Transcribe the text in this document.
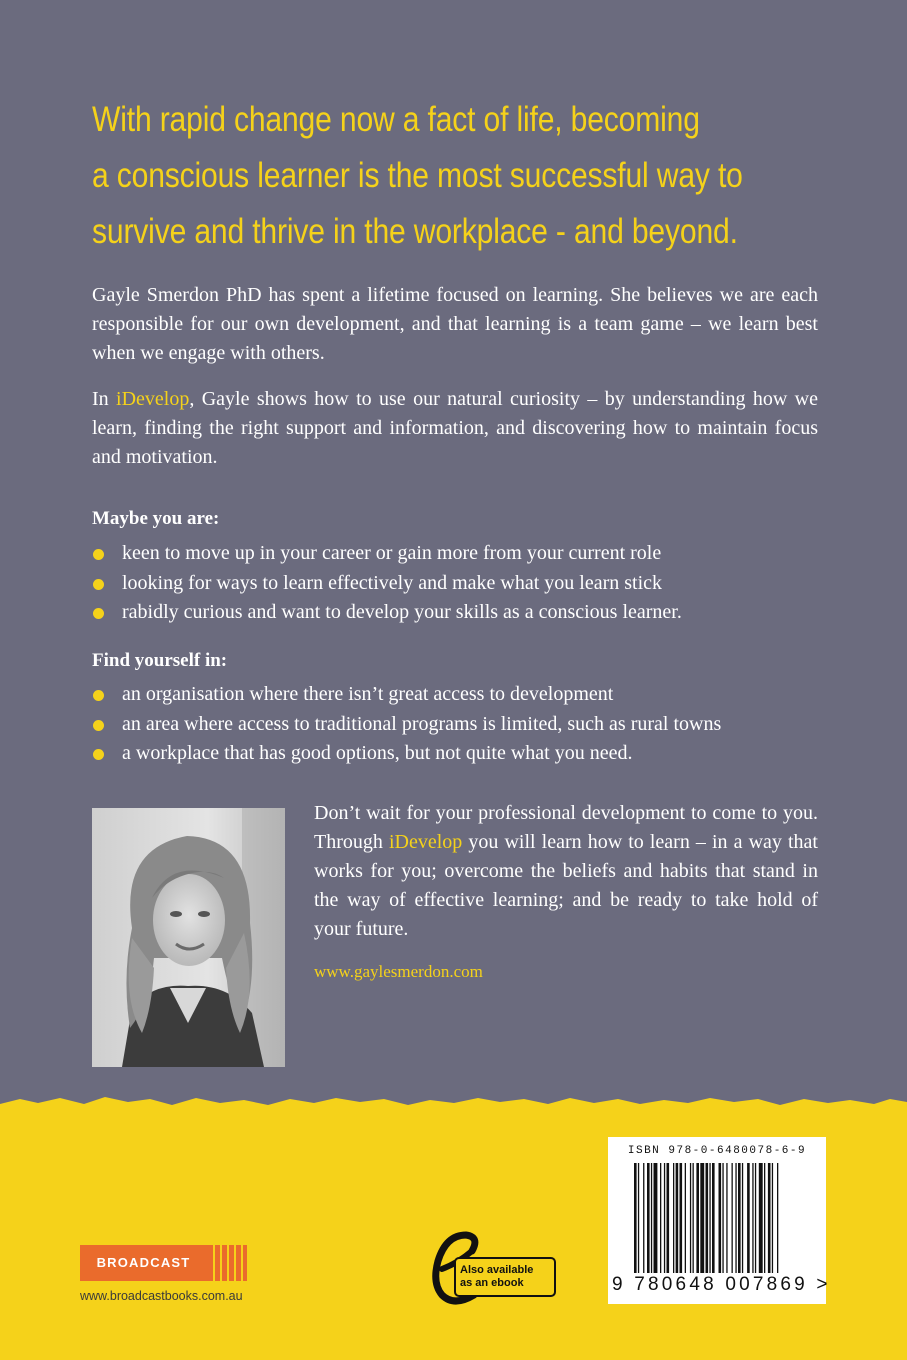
With rapid change now a fact of life, becoming
a conscious learner is the most successful way to
survive and thrive in the workplace - and beyond.

Gayle Smerdon PhD has spent a lifetime focused on learning. She believes we are each responsible for our own development, and that learning is a team game – we learn best when we engage with others.

In iDevelop, Gayle shows how to use our natural curiosity – by understanding how we learn, finding the right support and information, and discovering how to maintain focus and motivation.

Maybe you are:
keen to move up in your career or gain more from your current role
looking for ways to learn effectively and make what you learn stick
rabidly curious and want to develop your skills as a conscious learner.
Find yourself in:
an organisation where there isn’t great access to development
an area where access to traditional programs is limited, such as rural towns
a workplace that has good options, but not quite what you need.

Don’t wait for your professional development to come to you. Through iDevelop you will learn how to learn – in a way that works for you; overcome the beliefs and habits that stand in the way of effective learning; and be ready to take hold of your future.

www.gaylesmerdon.com
BROADCAST
www.broadcastbooks.com.au
Also available
as an ebook
ISBN 978-0-6480078-6-9
9 780648 007869 >
